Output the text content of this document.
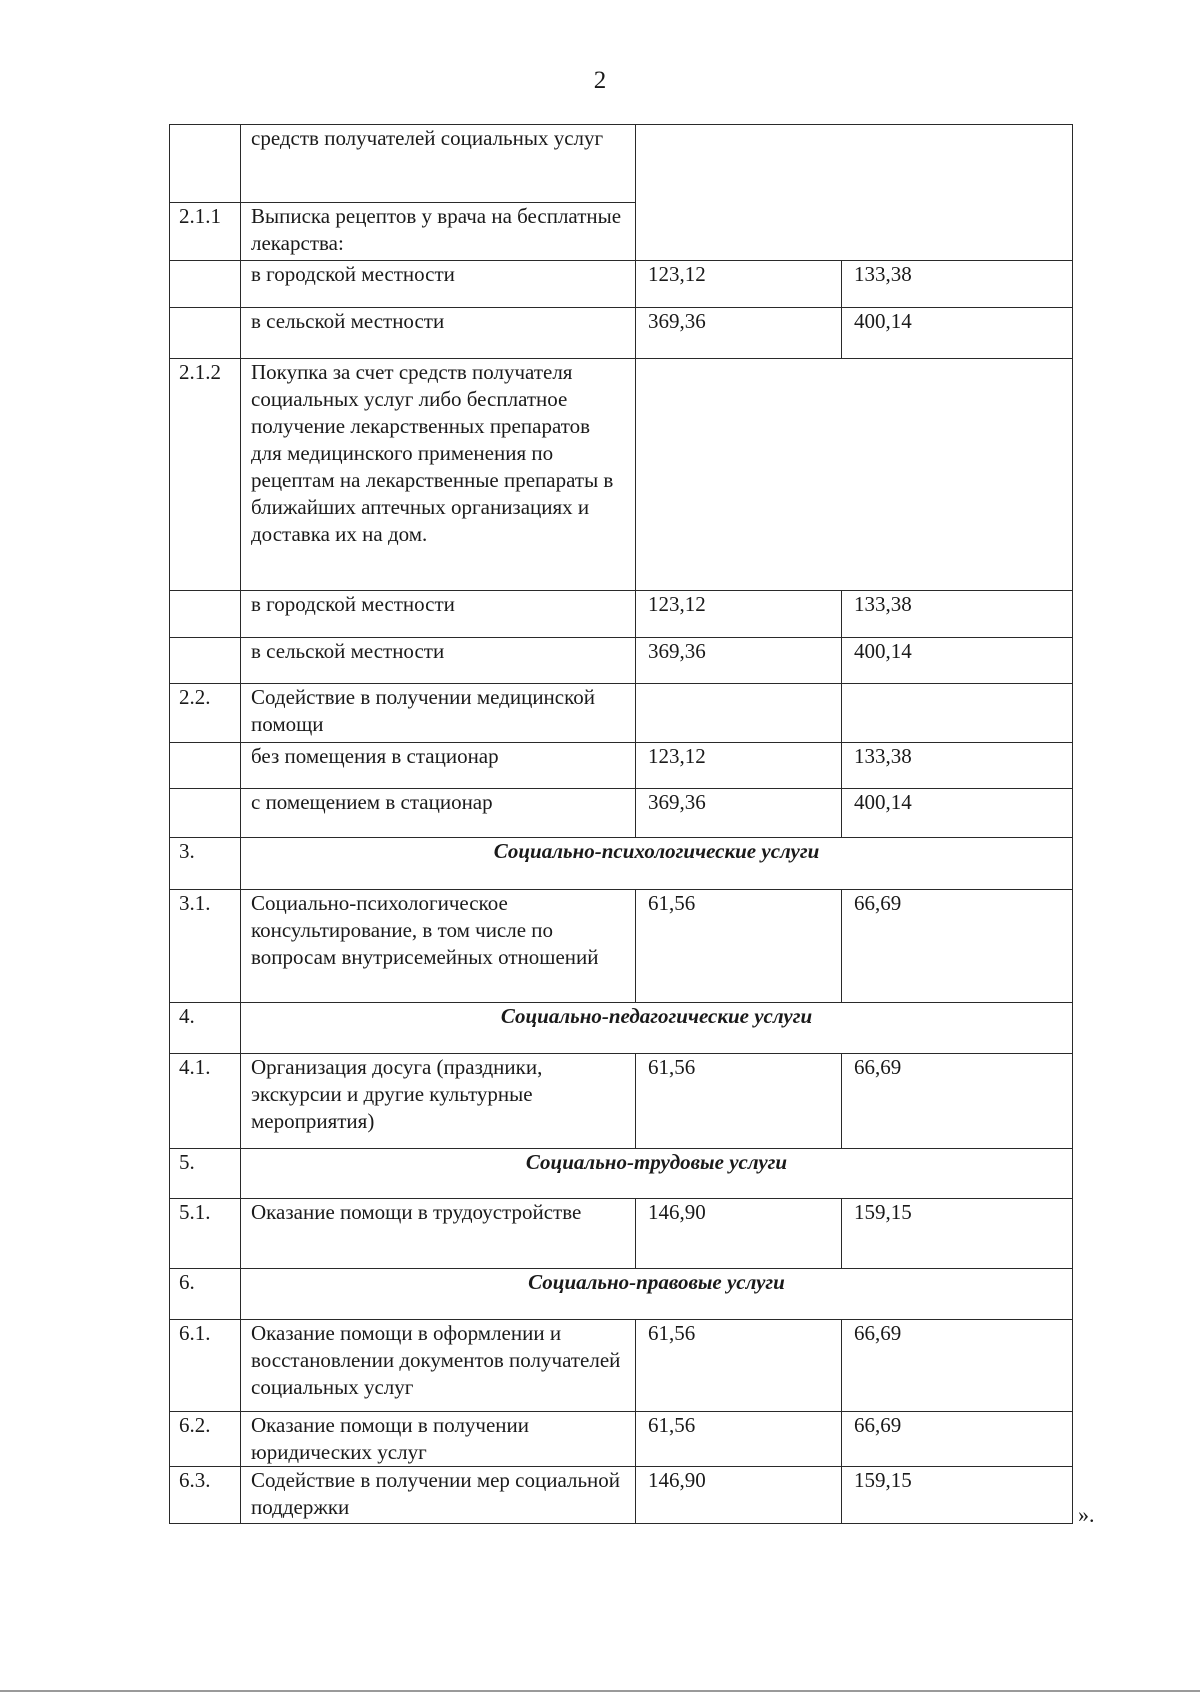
2
	средств получателей социальных услуг		
2.1.1	Выписка рецептов у врача на бесплатные лекарства:		
	в городской местности	123,12	133,38
	в сельской местности	369,36	400,14
2.1.2	Покупка за счет средств получателя социальных услуг либо бесплатное получение лекарственных препаратов для медицинского применения по рецептам на лекарственные препараты в ближайших аптечных организациях и доставка их на дом.		
	в городской местности	123,12	133,38
	в сельской местности	369,36	400,14
2.2.	Содействие в получении медицинской помощи		
	без помещения в стационар	123,12	133,38
	с помещением в стационар	369,36	400,14
3.	Социально-психологические услуги		
3.1.	Социально-психологическое консультирование, в том числе по вопросам внутрисемейных отношений	61,56	66,69
4.	Социально-педагогические услуги		
4.1.	Организация досуга (праздники, экскурсии и другие культурные мероприятия)	61,56	66,69
5.	Социально-трудовые услуги		
5.1.	Оказание помощи в трудоустройстве	146,90	159,15
6.	Социально-правовые услуги		
6.1.	Оказание помощи в оформлении и восстановлении документов получателей социальных услуг	61,56	66,69
6.2.	Оказание помощи в получении юридических услуг	61,56	66,69
6.3.	Содействие в получении мер социальной поддержки	146,90	159,15
».
